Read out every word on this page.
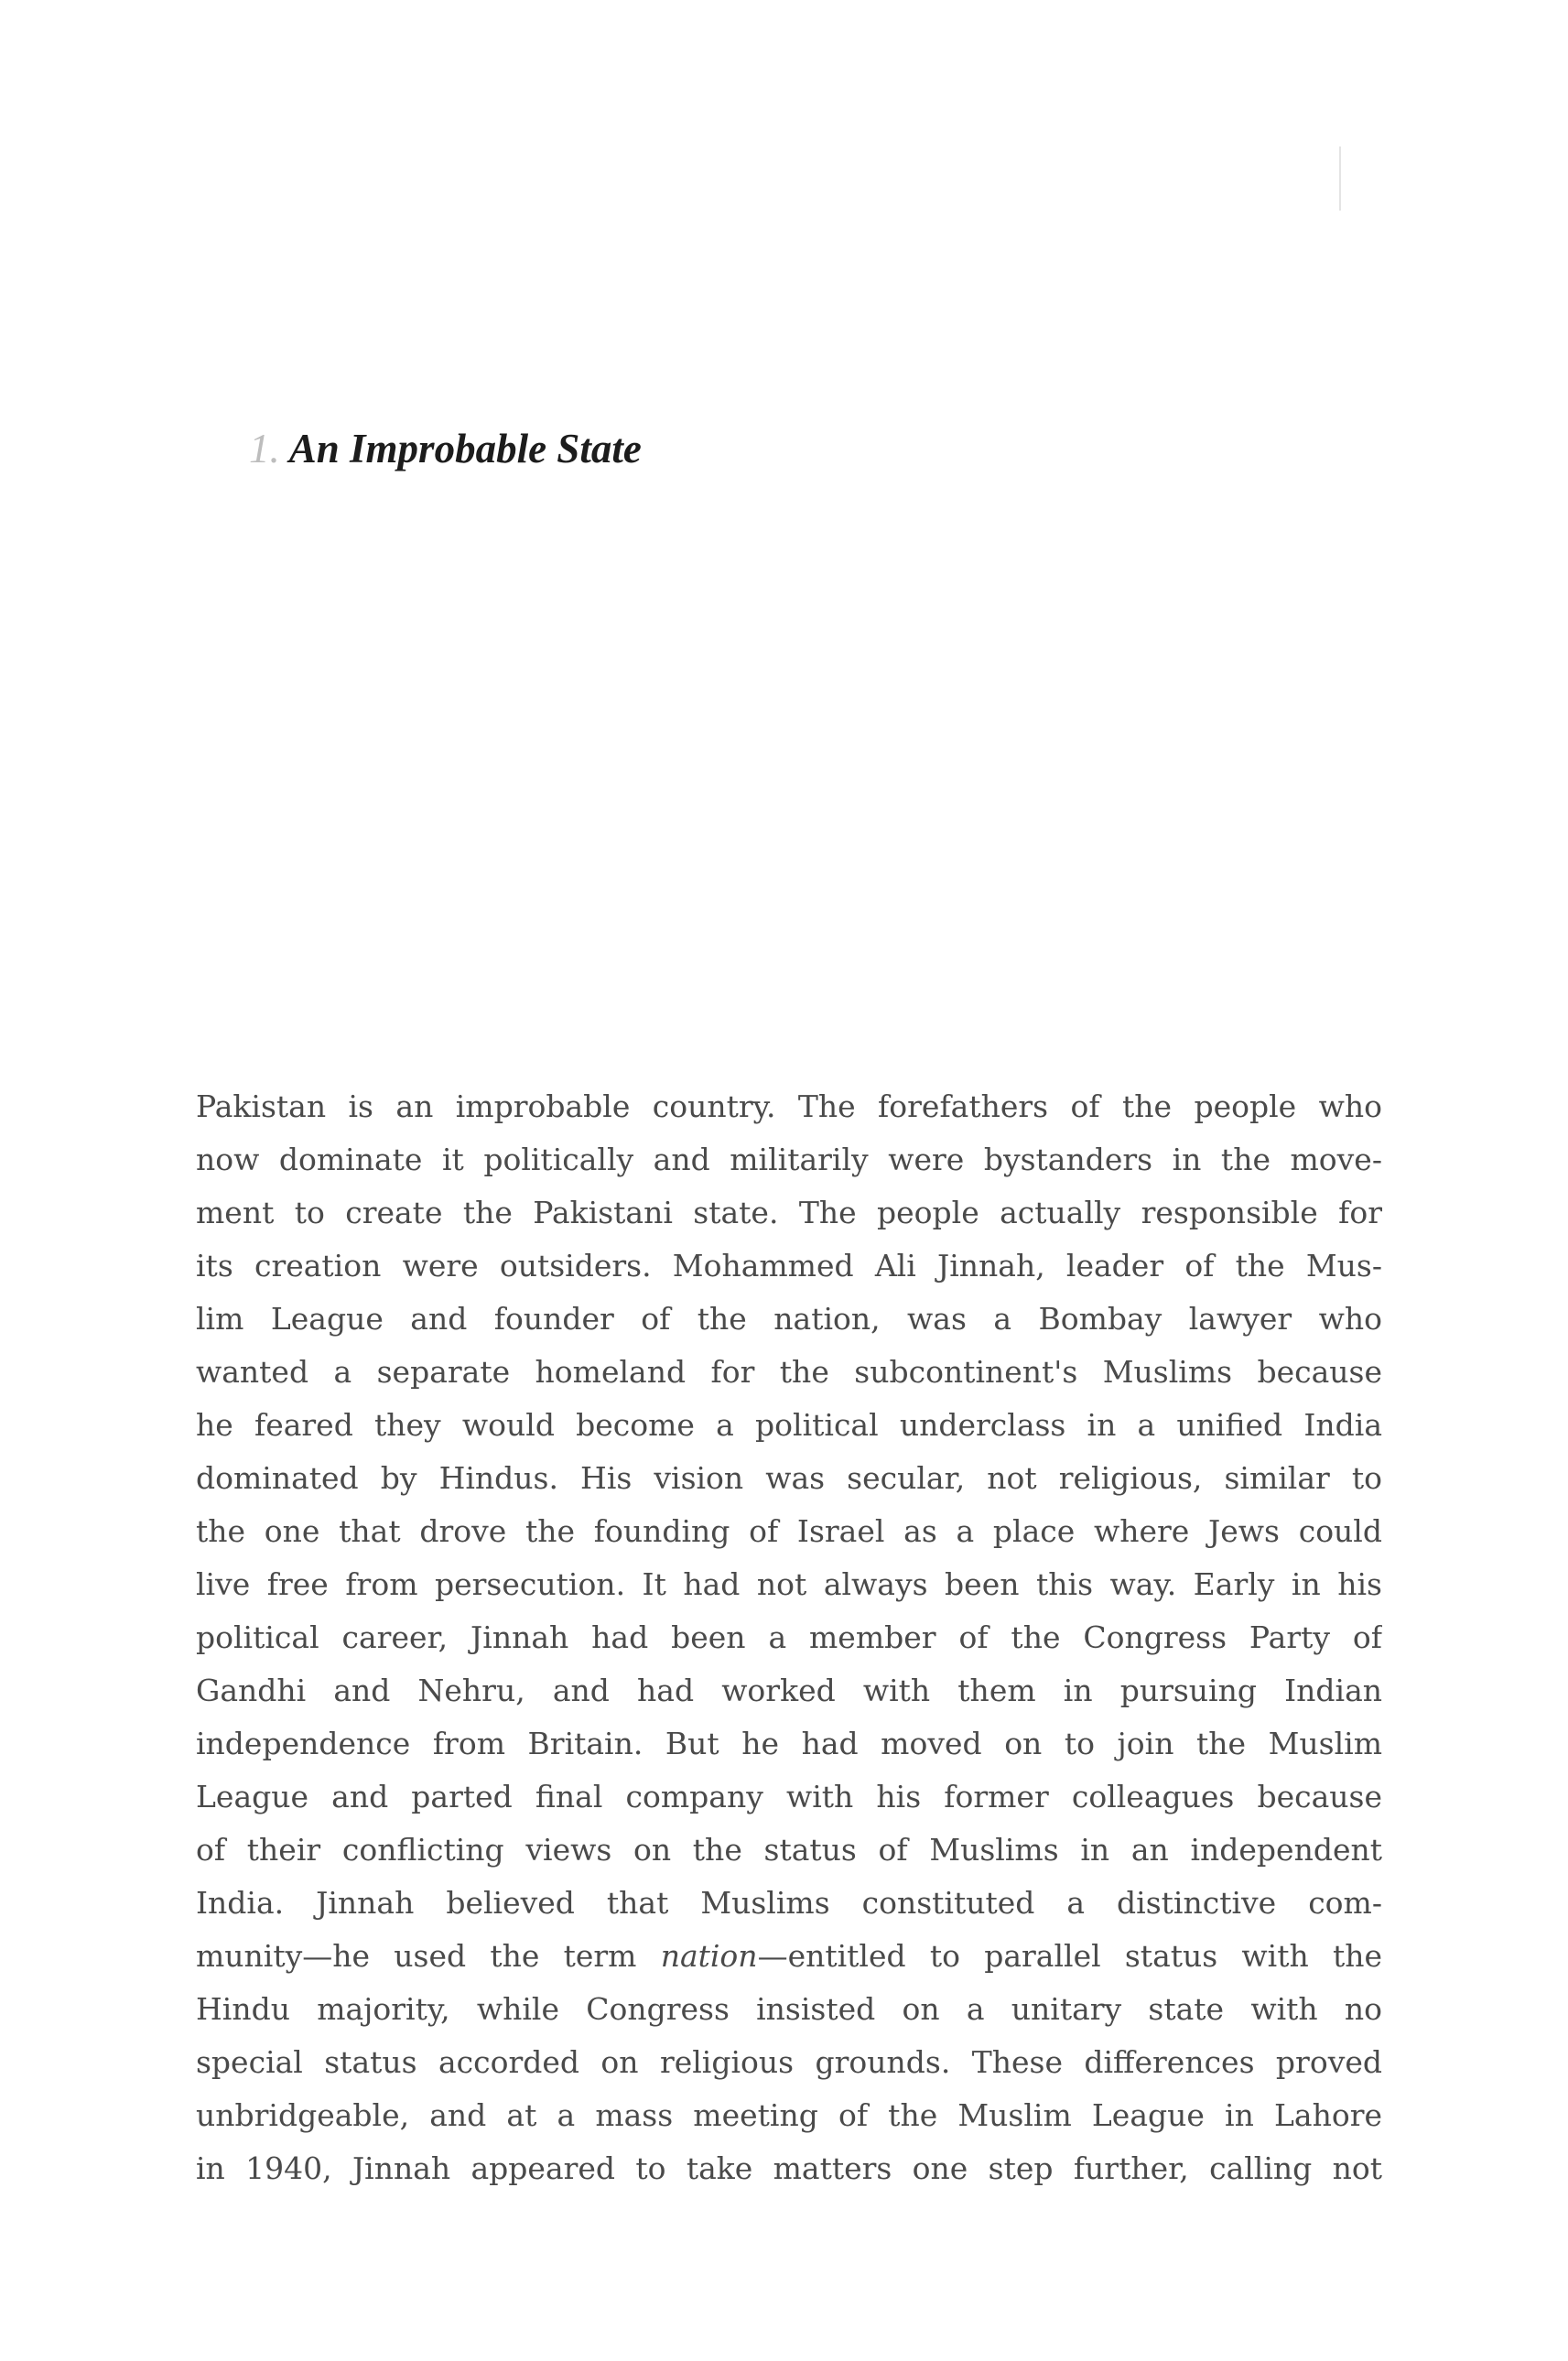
1. An Improbable State
Pakistan is an improbable country. The forefathers of the people who
now dominate it politically and militarily were bystanders in the move-
ment to create the Pakistani state. The people actually responsible for
its creation were outsiders. Mohammed Ali Jinnah, leader of the Mus-
lim League and founder of the nation, was a Bombay lawyer who
wanted a separate homeland for the subcontinent's Muslims because
he feared they would become a political underclass in a unified India
dominated by Hindus. His vision was secular, not religious, similar to
the one that drove the founding of Israel as a place where Jews could
live free from persecution. It had not always been this way. Early in his
political career, Jinnah had been a member of the Congress Party of
Gandhi and Nehru, and had worked with them in pursuing Indian
independence from Britain. But he had moved on to join the Muslim
League and parted final company with his former colleagues because
of their conflicting views on the status of Muslims in an independent
India. Jinnah believed that Muslims constituted a distinctive com-
munity—he used the term nation—entitled to parallel status with the
Hindu majority, while Congress insisted on a unitary state with no
special status accorded on religious grounds. These differences proved
unbridgeable, and at a mass meeting of the Muslim League in Lahore
in 1940, Jinnah appeared to take matters one step further, calling not
